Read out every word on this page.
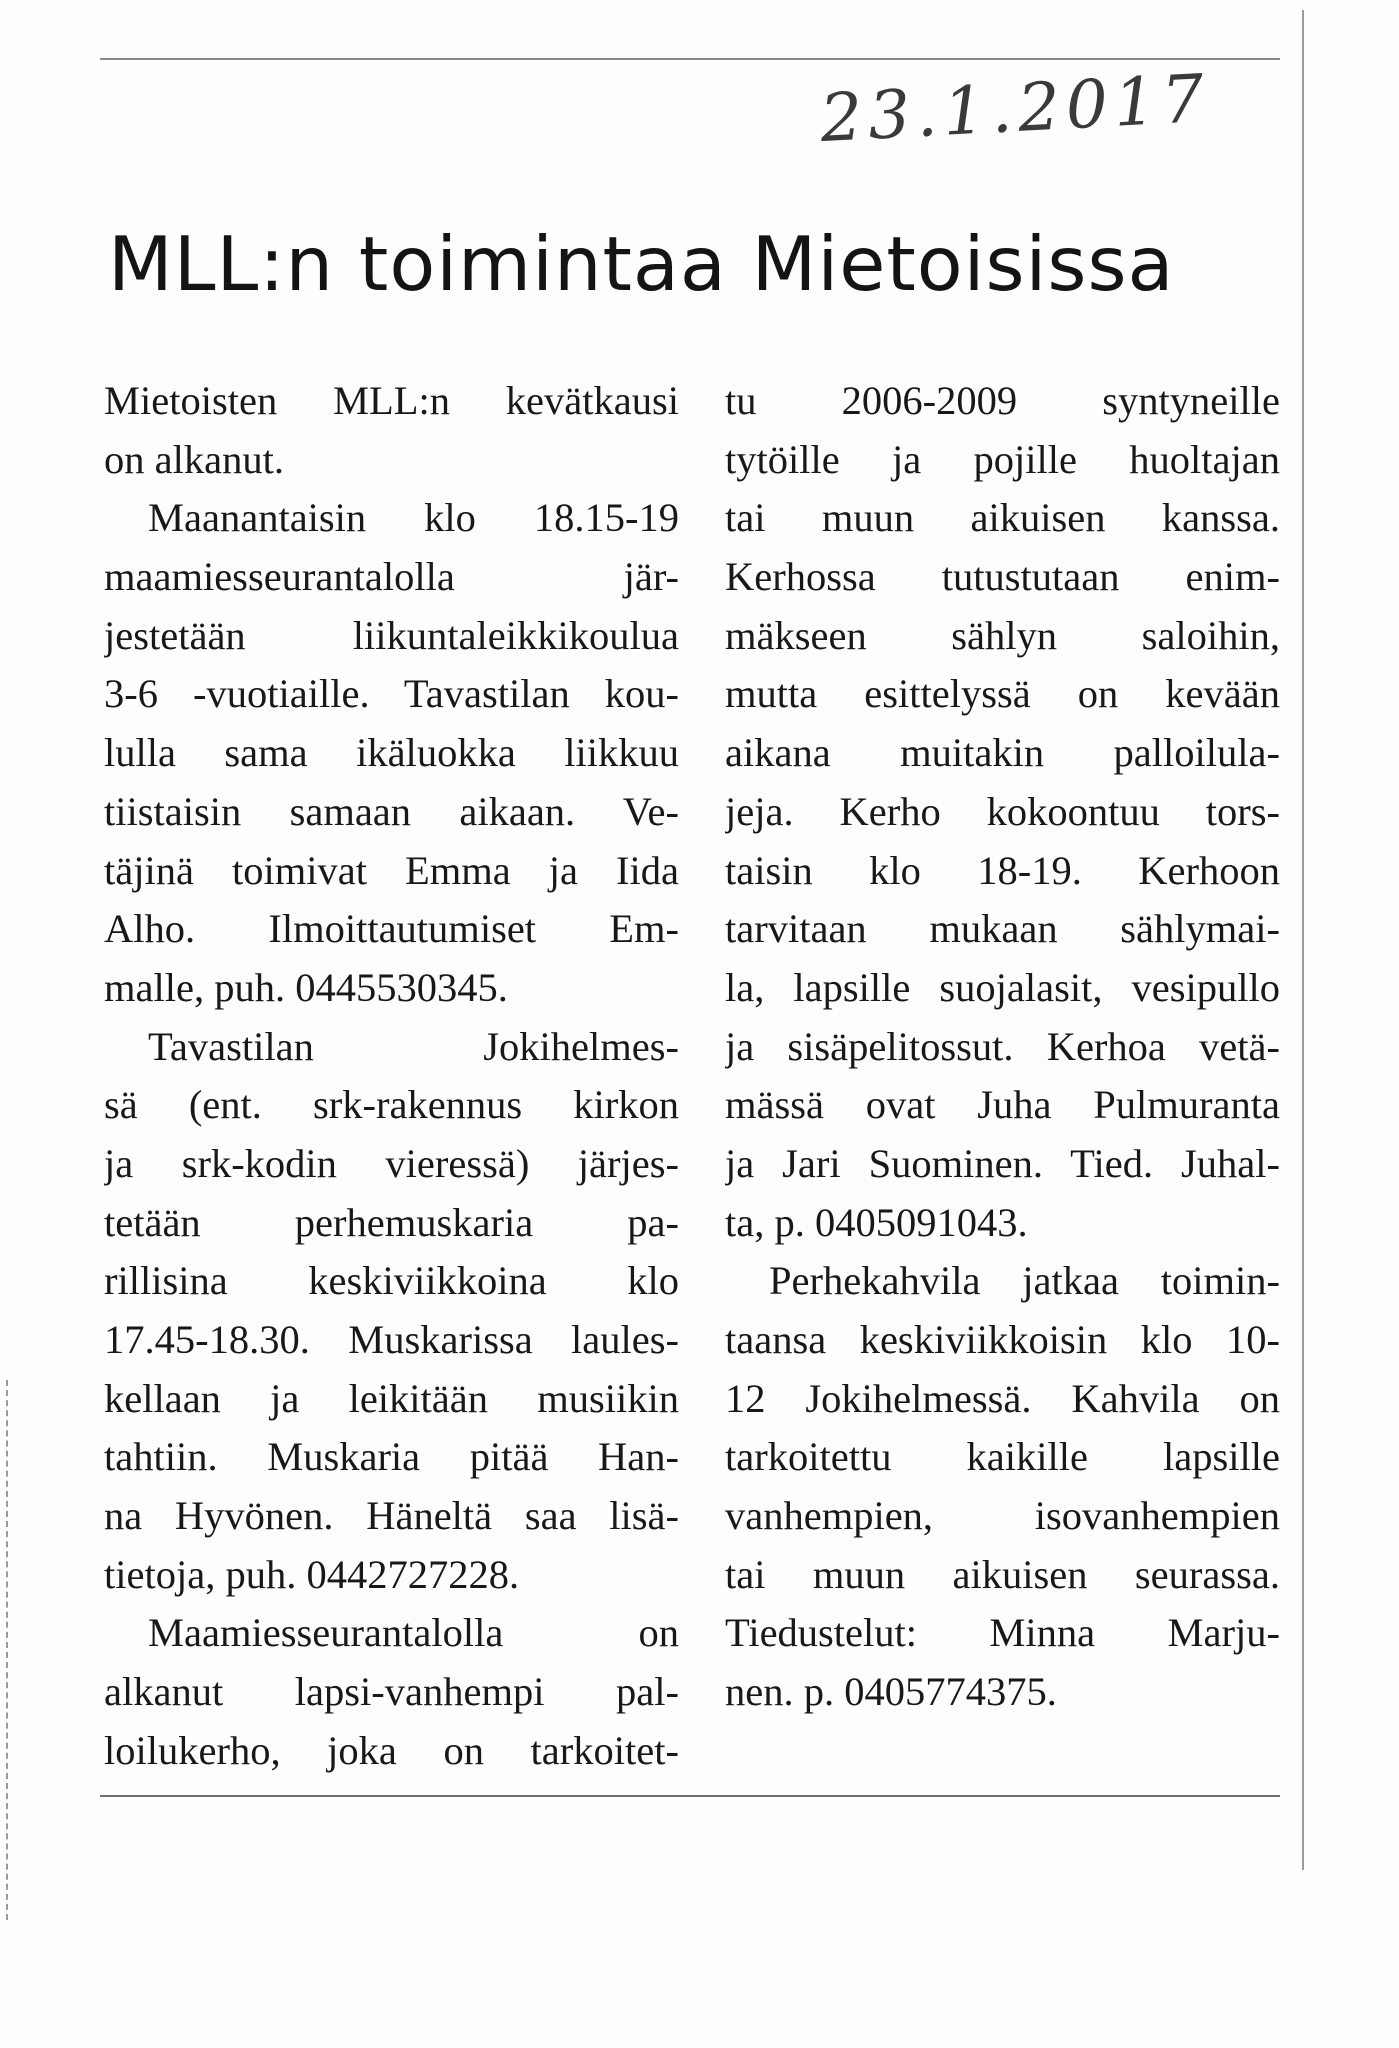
23.1.2017
MLL:n toimintaa Mietoisissa
Mietoisten MLL:n kevätkausi
on alkanut.
Maanantaisin klo 18.15-19
maamiesseurantalolla jär-
jestetään liikuntaleikkikoulua
3-6 -vuotiaille. Tavastilan kou-
lulla sama ikäluokka liikkuu
tiistaisin samaan aikaan. Ve-
täjinä toimivat Emma ja Iida
Alho. Ilmoittautumiset Em-
malle, puh. 0445530345.
Tavastilan Jokihelmes-
sä (ent. srk-rakennus kirkon
ja srk-kodin vieressä) järjes-
tetään perhemuskaria pa-
rillisina keskiviikkoina klo
17.45-18.30. Muskarissa laules-
kellaan ja leikitään musiikin
tahtiin. Muskaria pitää Han-
na Hyvönen. Häneltä saa lisä-
tietoja, puh. 0442727228.
Maamiesseurantalolla on
alkanut lapsi-vanhempi pal-
loilukerho, joka on tarkoitet-
tu 2006-2009 syntyneille
tytöille ja pojille huoltajan
tai muun aikuisen kanssa.
Kerhossa tutustutaan enim-
mäkseen sählyn saloihin,
mutta esittelyssä on kevään
aikana muitakin palloilula-
jeja. Kerho kokoontuu tors-
taisin klo 18-19. Kerhoon
tarvitaan mukaan sählymai-
la, lapsille suojalasit, vesipullo
ja sisäpelitossut. Kerhoa vetä-
mässä ovat Juha Pulmuranta
ja Jari Suominen. Tied. Juhal-
ta, p. 0405091043.
Perhekahvila jatkaa toimin-
taansa keskiviikkoisin klo 10-
12 Jokihelmessä. Kahvila on
tarkoitettu kaikille lapsille
vanhempien, isovanhempien
tai muun aikuisen seurassa.
Tiedustelut: Minna Marju-
nen. p. 0405774375.
